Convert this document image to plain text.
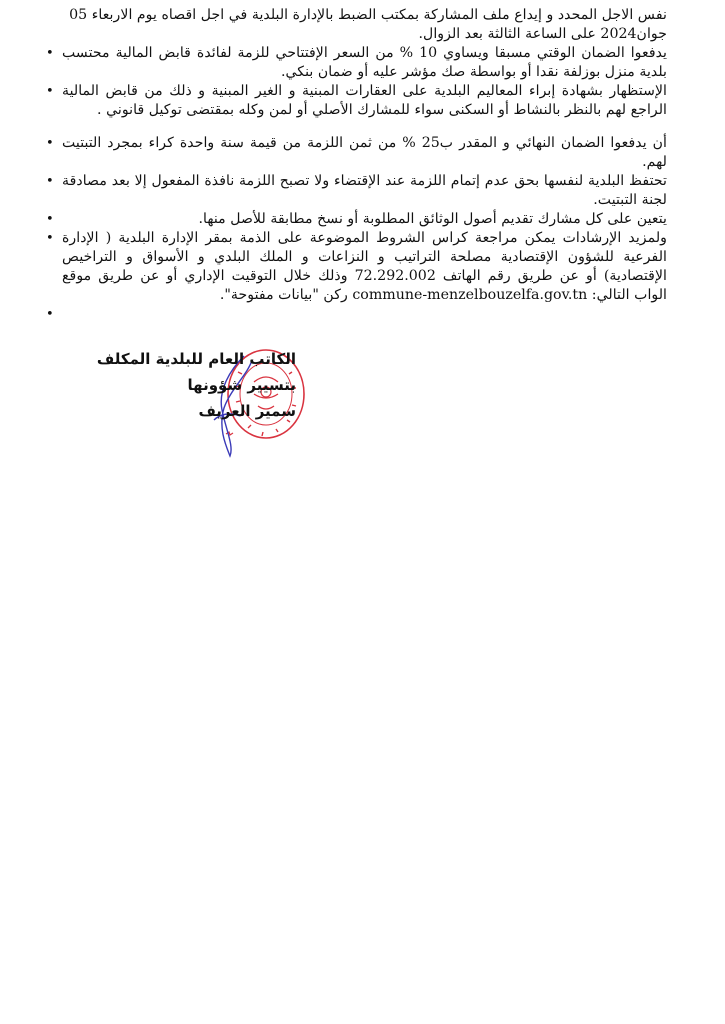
نفس الاجل المحدد و إيداع ملف المشاركة بمكتب الضبط بالإدارة البلدية في اجل اقصاه يوم الاربعاء 05

جوان2024 على الساعة الثالثة بعد الزوال.

• يدفعوا الضمان الوقتي مسبقا ويساوي 10 % من السعر الإفتتاحي للزمة لفائدة قابض المالية محتسب بلدية منزل بوزلفة نقدا أو بواسطة صك مؤشر عليه أو ضمان بنكي.

• الإستظهار بشهادة إبراء المعاليم البلدية على العقارات المبنية و الغير المبنية و ذلك من قابض المالية الراجع لهم بالنظر بالنشاط أو السكنى سواء للمشارك الأصلي أو لمن وكله بمقتضى توكيل قانوني .

• أن يدفعوا الضمان النهائي و المقدر ب25 % من ثمن اللزمة من قيمة سنة واحدة كراء بمجرد التبتيت لهم.

• تحتفظ البلدية لنفسها بحق عدم إتمام اللزمة عند الإقتضاء ولا تصبح اللزمة نافذة المفعول إلا بعد مصادقة لجنة التبتيت.

•	يتعين على كل مشارك تقديم أصول الوثائق المطلوبة أو نسخ مطابقة للأصل منها.

• ولمزيد الإرشادات يمكن مراجعة كراس الشروط الموضوعة على الذمة بمقر الإدارة البلدية ( الإدارة الفرعية للشؤون الإقتصادية مصلحة التراتيب و النزاعات و الملك البلدي و الأسواق و التراخيص الإقتصادية) أو عن طريق رقم الهاتف 72.292.002 وذلك خلال التوقيت الإداري أو عن طريق موقع الواب التالي: commune-menzelbouzelfa.gov.tn ركن "بيانات مفتوحة".

•

الكاتب العام للبلدية المكلف
بتسيير شؤونها
سمير العريف
